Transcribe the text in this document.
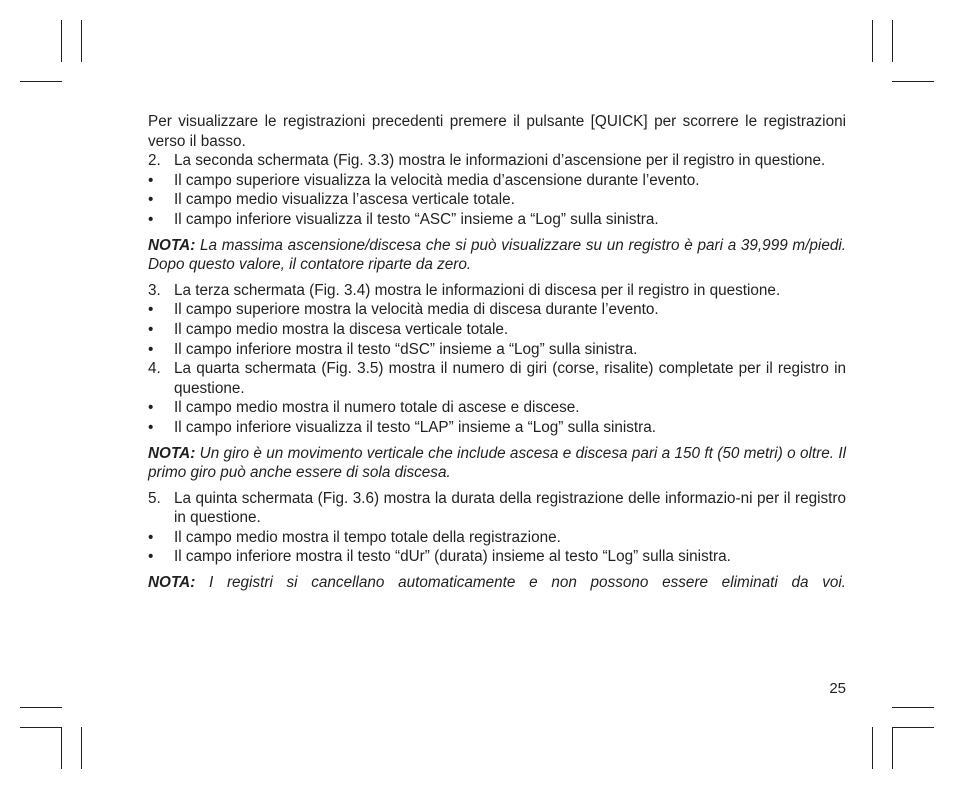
Per visualizzare le registrazioni precedenti premere il pulsante [QUICK] per scorrere le registrazioni verso il basso.

2. La seconda schermata (Fig. 3.3) mostra le informazioni d’ascensione per il registro in questione.
•	Il campo superiore visualizza la velocità media d’ascensione durante l’evento.
•	Il campo medio visualizza l’ascesa verticale totale.
•	Il campo inferiore visualizza il testo “ASC” insieme a “Log” sulla sinistra.

NOTA: La massima ascensione/discesa che si può visualizzare su un registro è pari a 39,999 m/piedi. Dopo questo valore, il contatore riparte da zero.

3. La terza schermata (Fig. 3.4) mostra le informazioni di discesa per il registro in questione.
•	Il campo superiore mostra la velocità media di discesa durante l’evento.
•	Il campo medio mostra la discesa verticale totale.
•	Il campo inferiore mostra il testo “dSC” insieme a “Log” sulla sinistra.
4. La quarta schermata (Fig. 3.5) mostra il numero di giri (corse, risalite) completate per il registro in questione.
•	Il campo medio mostra il numero totale di ascese e discese.
•	Il campo inferiore visualizza il testo “LAP” insieme a “Log” sulla sinistra.

NOTA: Un giro è un movimento verticale che include ascesa e discesa pari a 150 ft (50 metri) o oltre. Il primo giro può anche essere di sola discesa.

5. La quinta schermata (Fig. 3.6) mostra la durata della registrazione delle informazio-ni per il registro in questione.
•	Il campo medio mostra il tempo totale della registrazione.
•	Il campo inferiore mostra il testo “dUr” (durata) insieme al testo “Log” sulla sinistra.

NOTA: I registri si cancellano automaticamente e non possono essere eliminati da voi.

25
